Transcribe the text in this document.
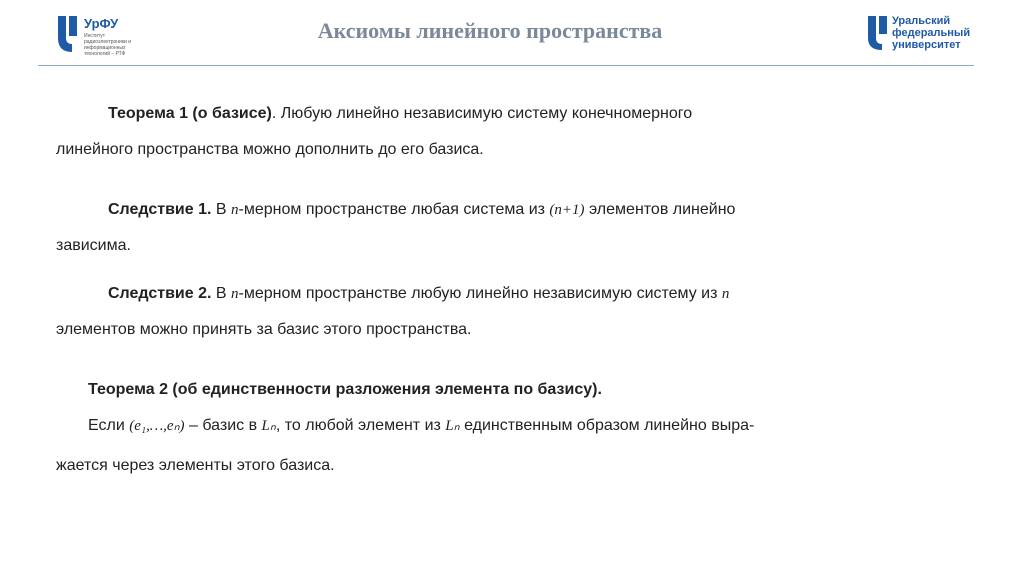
УрФУ
Институт радиоэлектроники и информационных технологий – РТФ
Аксиомы линейного пространства	Уральский
федеральный
университет
Теорема 1 (о базисе). Любую линейно независимую систему конечномерного
линейного пространства можно дополнить до его базиса.
Следствие 1. В n-мерном пространстве любая система из (n+1) элементов линейно
зависима.
Следствие 2. В n-мерном пространстве любую линейно независимую систему из n
элементов можно принять за базис этого пространства.
Теорема 2 (об единственности разложения элемента по базису).
Если (e₁,…,eₙ) – базис в Lₙ, то любой элемент из Lₙ единственным образом линейно выра-
жается через элементы этого базиса.
